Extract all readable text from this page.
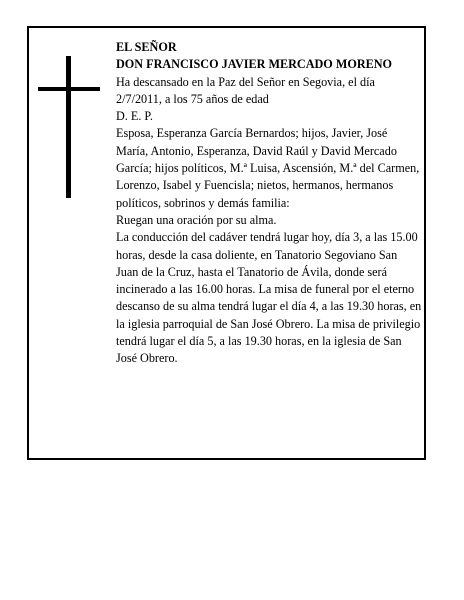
EL SEÑOR

DON FRANCISCO JAVIER MERCADO MORENO

Ha descansado en la Paz del Señor en Segovia, el día 2/7/2011, a los 75 años de edad

D. E. P.

Esposa, Esperanza García Bernardos; hijos, Javier, José María, Antonio, Esperanza, David Raúl y David Mercado García; hijos políticos, M.ª Luisa, Ascensión, M.ª del Carmen, Lorenzo, Isabel y Fuencisla; nietos, hermanos, hermanos políticos, sobrinos y demás familia:

Ruegan una oración por su alma.

La conducción del cadáver tendrá lugar hoy, día 3, a las 15.00 horas, desde la casa doliente, en Tanatorio Segoviano San Juan de la Cruz, hasta el Tanatorio de Ávila, donde será incinerado a las 16.00 horas. La misa de funeral por el eterno descanso de su alma tendrá lugar el día 4, a las 19.30 horas, en la iglesia parroquial de San José Obrero. La misa de privilegio tendrá lugar el día 5, a las 19.30 horas, en la iglesia de San José Obrero.
